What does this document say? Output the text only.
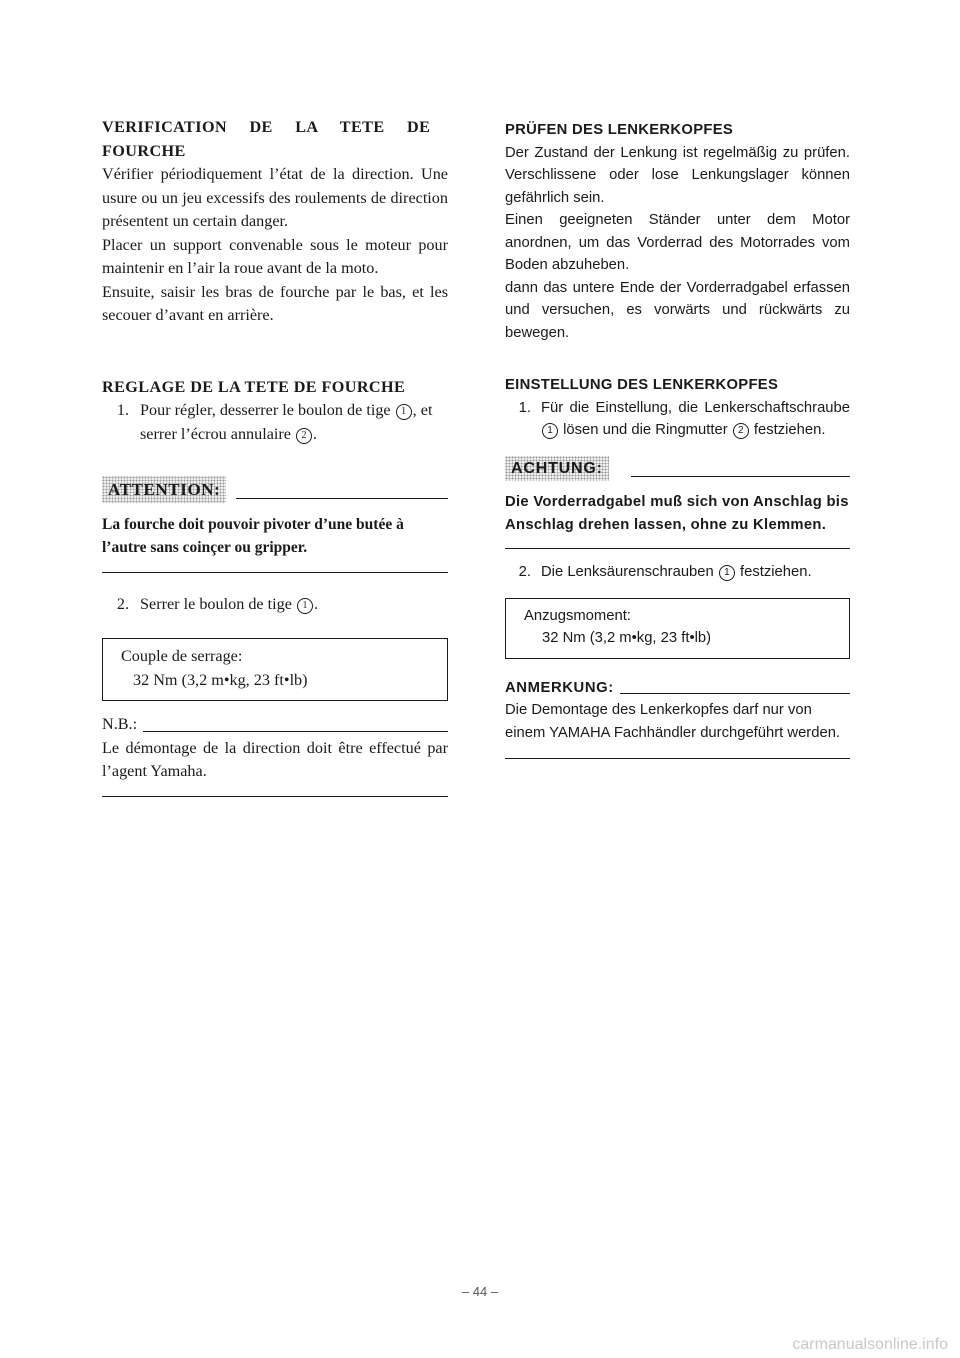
VERIFICATION DE LA TETE DE
FOURCHE

Vérifier périodiquement l’état de la direction. Une usure ou un jeu excessifs des roulements de direction présentent un certain danger.

Placer un support convenable sous le moteur pour maintenir en l’air la roue avant de la moto.

Ensuite, saisir les bras de fourche par le bas, et les secouer d’avant en arrière.

REGLAGE DE LA TETE DE FOURCHE
1. Pour régler, desserrer le boulon de tige 1 , et serrer l’écrou annulaire 2 .
ATTENTION:
La fourche doit pouvoir pivoter d’une butée à l’autre sans coinçer ou gripper.
2. Serrer le boulon de tige 1 .
Couple de serrage:
32 Nm (3,2 m•kg, 23 ft•lb)
N.B.:
Le démontage de la direction doit être effectué par l’agent Yamaha.
PRÜFEN DES LENKERKOPFES

Der Zustand der Lenkung ist regelmäßig zu prüfen. Verschlissene oder lose Lenkungslager können gefährlich sein.

Einen geeigneten Ständer unter dem Motor anordnen, um das Vorderrad des Motorrades vom Boden abzuheben.

dann das untere Ende der Vorderradgabel erfassen und versuchen, es vorwärts und rückwärts zu bewegen.

EINSTELLUNG DES LENKERKOPFES
1. Für die Einstellung, die Lenkerschaftschraube 1 lösen und die Ringmutter 2 festziehen.
ACHTUNG:
Die Vorderradgabel muß sich von Anschlag bis Anschlag drehen lassen, ohne zu Klemmen.
2. Die Lenksäurenschrauben 1 festziehen.
Anzugsmoment:
32 Nm (3,2 m•kg, 23 ft•lb)
ANMERKUNG:
Die Demontage des Lenkerkopfes darf nur von einem YAMAHA Fachhändler durchgeführt werden.
– 44 –
carmanualsonline.info
